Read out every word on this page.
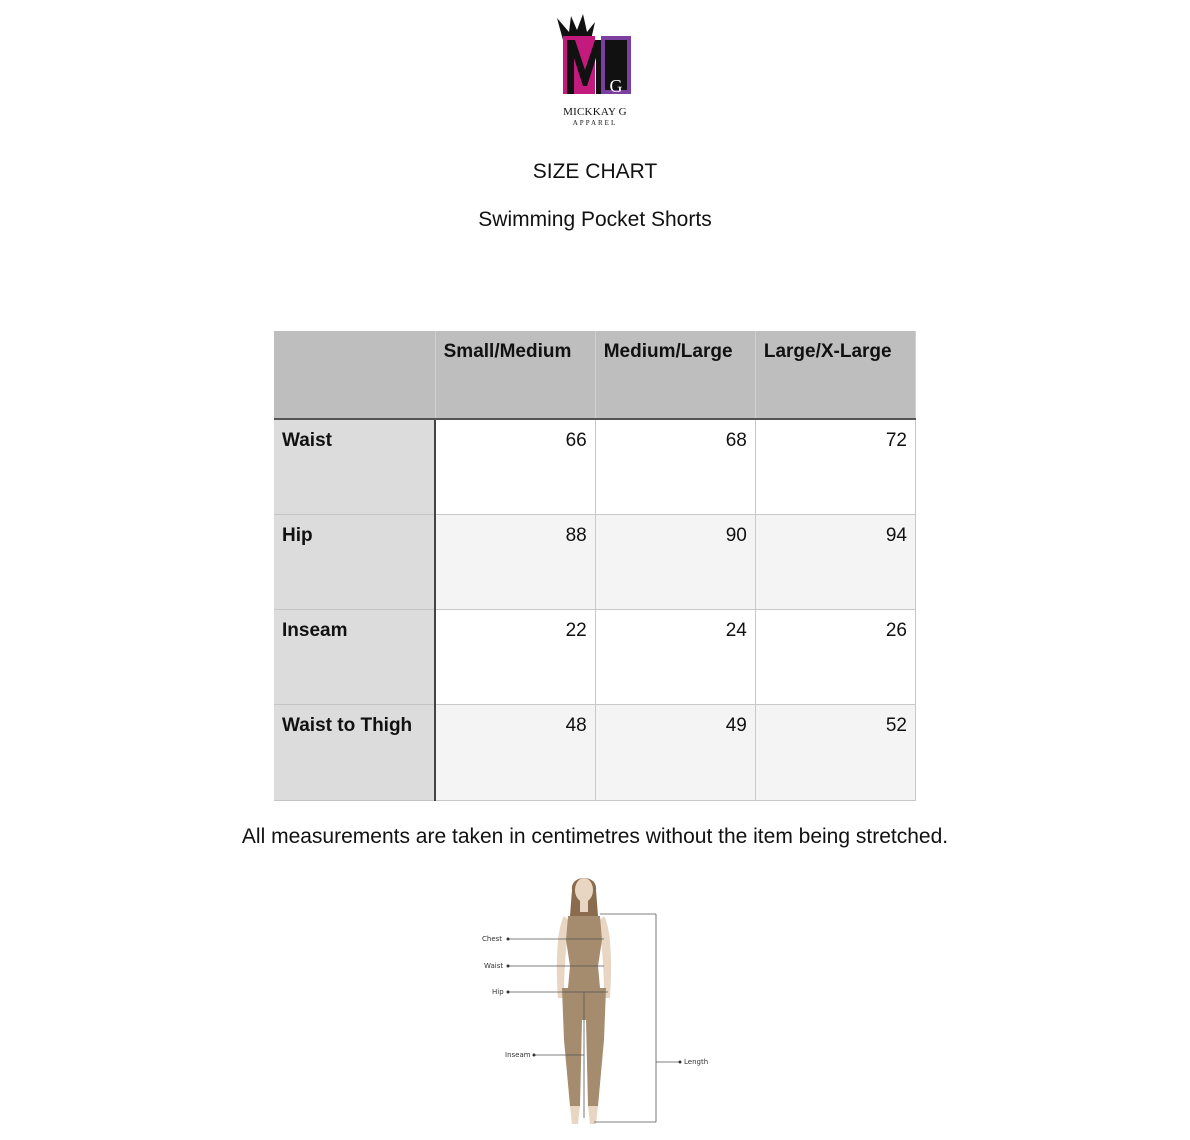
G
MICKKAY G
APPAREL
SIZE CHART
Swimming Pocket Shorts
	Small/Medium	Medium/Large	Large/X-Large
Waist	66	68	72
Hip	88	90	94
Inseam	22	24	26
Waist to Thigh	48	49	52
All measurements are taken in centimetres without the item being stretched.
Chest
Waist
Hip
Inseam
Length
